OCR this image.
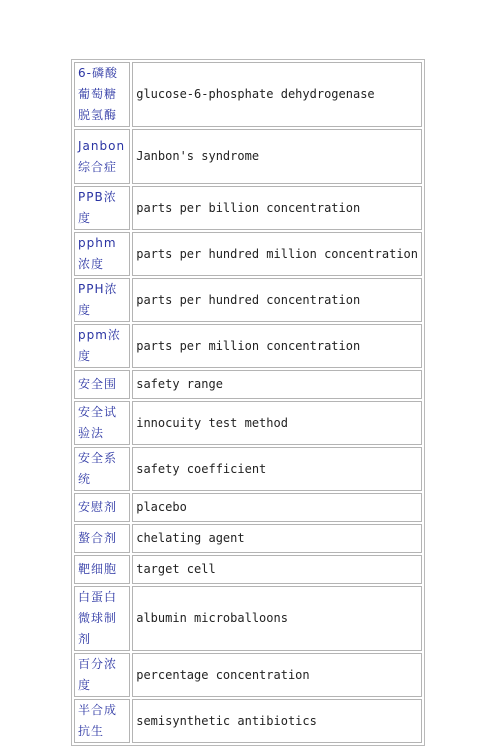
6-磷酸葡萄糖脱氢酶	glucose-6-phosphate dehydrogenase
Janbon综合症	Janbon's syndrome
PPB浓度	parts per billion concentration
pphm浓度	parts per hundred million concentration
PPH浓度	parts per hundred concentration
ppm浓度	parts per million concentration
安全围	safety range
安全试验法	innocuity test method
安全系统	safety coefficient
安慰剂	placebo
螯合剂	chelating agent
靶细胞	target cell
白蛋白微球制剂	albumin microballoons
百分浓度	percentage concentration
半合成抗生	semisynthetic antibiotics
